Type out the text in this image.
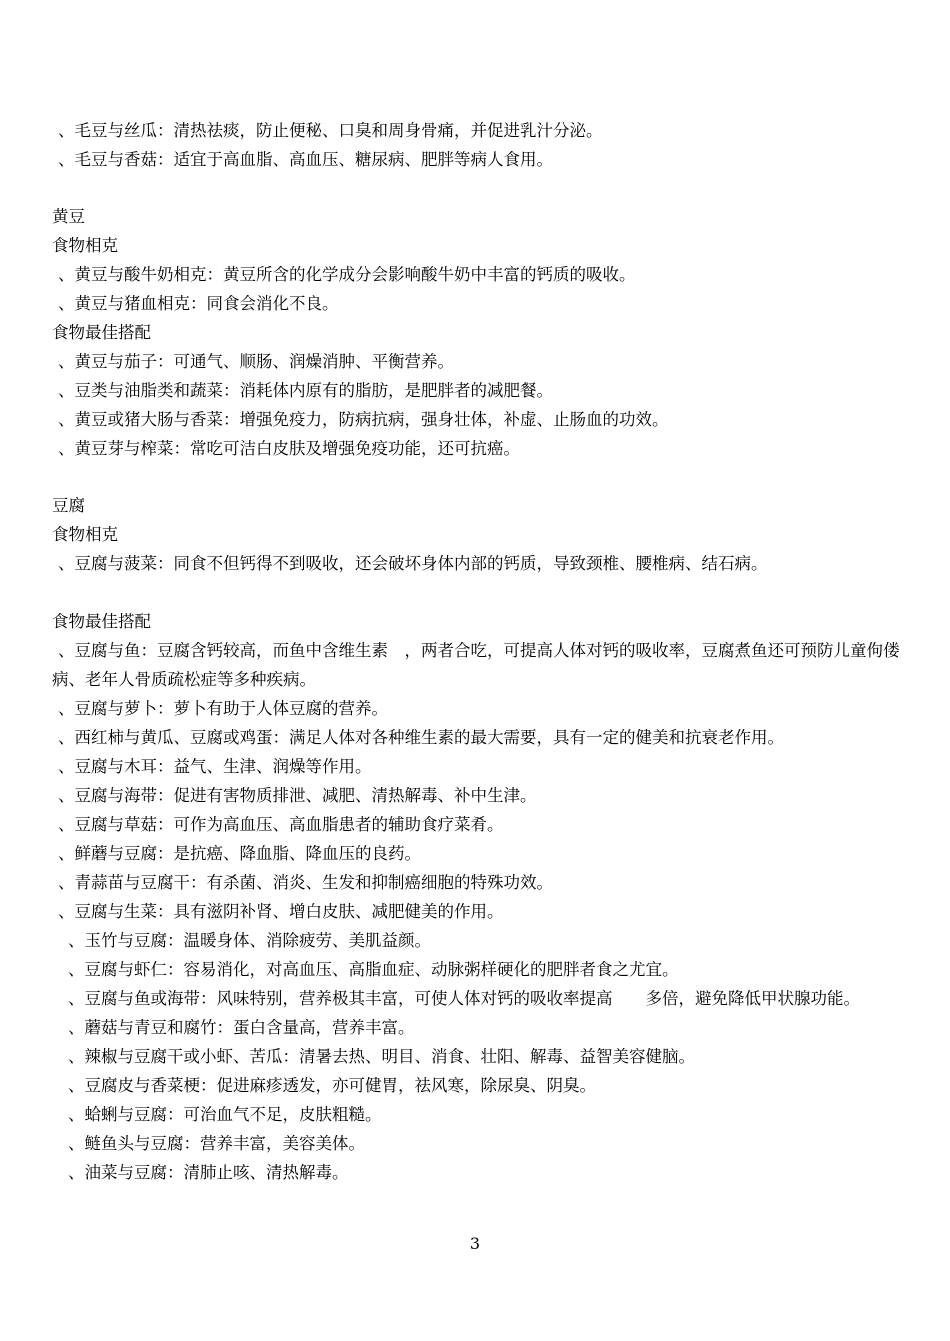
、毛豆与丝瓜：清热祛痰，防止便秘、口臭和周身骨痛，并促进乳汁分泌。

、毛豆与香菇：适宜于高血脂、高血压、糖尿病、肥胖等病人食用。

黄豆

食物相克

、黄豆与酸牛奶相克：黄豆所含的化学成分会影响酸牛奶中丰富的钙质的吸收。

、黄豆与猪血相克：同食会消化不良。

食物最佳搭配

、黄豆与茄子：可通气、顺肠、润燥消肿、平衡营养。

、豆类与油脂类和蔬菜：消耗体内原有的脂肪，是肥胖者的减肥餐。

、黄豆或猪大肠与香菜：增强免疫力，防病抗病，强身壮体，补虚、止肠血的功效。

、黄豆芽与榨菜：常吃可洁白皮肤及增强免疫功能，还可抗癌。

豆腐

食物相克

、豆腐与菠菜：同食不但钙得不到吸收，还会破坏身体内部的钙质，导致颈椎、腰椎病、结石病。

食物最佳搭配

、豆腐与鱼：豆腐含钙较高，而鱼中含维生素　，两者合吃，可提高人体对钙的吸收率，豆腐煮鱼还可预防儿童佝偻病、老年人骨质疏松症等多种疾病。

、豆腐与萝卜：萝卜有助于人体豆腐的营养。

、西红柿与黄瓜、豆腐或鸡蛋：满足人体对各种维生素的最大需要，具有一定的健美和抗衰老作用。

、豆腐与木耳：益气、生津、润燥等作用。

、豆腐与海带：促进有害物质排泄、减肥、清热解毒、补中生津。

、豆腐与草菇：可作为高血压、高血脂患者的辅助食疗菜肴。

、鲜蘑与豆腐：是抗癌、降血脂、降血压的良药。

、青蒜苗与豆腐干：有杀菌、消炎、生发和抑制癌细胞的特殊功效。

、豆腐与生菜：具有滋阴补肾、增白皮肤、减肥健美的作用。

、玉竹与豆腐：温暖身体、消除疲劳、美肌益颜。

、豆腐与虾仁：容易消化，对高血压、高脂血症、动脉粥样硬化的肥胖者食之尤宜。

、豆腐与鱼或海带：风味特别，营养极其丰富，可使人体对钙的吸收率提高　　多倍，避免降低甲状腺功能。

、蘑菇与青豆和腐竹：蛋白含量高，营养丰富。

、辣椒与豆腐干或小虾、苦瓜：清暑去热、明目、消食、壮阳、解毒、益智美容健脑。

、豆腐皮与香菜梗：促进麻疹透发，亦可健胃，祛风寒，除尿臭、阴臭。

、蛤蜊与豆腐：可治血气不足，皮肤粗糙。

、鲢鱼头与豆腐：营养丰富，美容美体。

、油菜与豆腐：清肺止咳、清热解毒。

3
